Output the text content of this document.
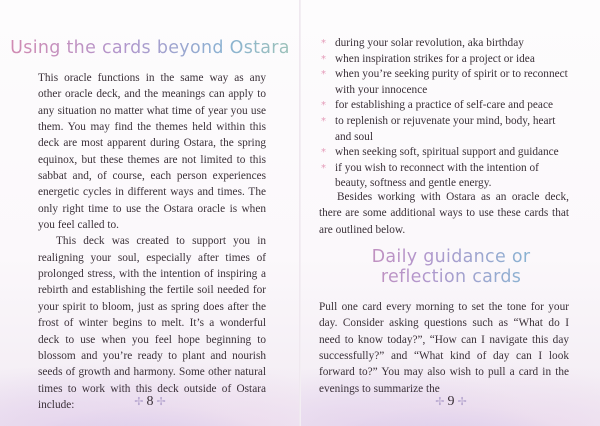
Using the cards beyond Ostara

This oracle functions in the same way as any other oracle deck, and the meanings can apply to any situation no matter what time of year you use them. You may find the themes held within this deck are most apparent during Ostara, the spring equinox, but these themes are not limited to this sabbat and, of course, each person experiences energetic cycles in different ways and times. The only right time to use the Ostara oracle is when you feel called to.

This deck was created to support you in realigning your soul, especially after times of prolonged stress, with the intention of inspiring a rebirth and establishing the fertile soil needed for your spirit to bloom, just as spring does after the frost of winter begins to melt. It’s a wonderful deck to use when you feel hope beginning to blossom and you’re ready to plant and nourish seeds of growth and harmony. Some other natural times to work with this deck outside of Ostara include:	✢ 8 ✢
* during your solar revolution, aka birthday
* when inspiration strikes for a project or idea
* when you’re seeking purity of spirit or to reconnect with your innocence
* for establishing a practice of self-care and peace
* to replenish or rejuvenate your mind, body, heart and soul
* when seeking soft, spiritual support and guidance
* if you wish to reconnect with the intention of beauty, softness and gentle energy.

Besides working with Ostara as an oracle deck, there are some additional ways to use these cards that are outlined below.

Daily guidance or
reflection cards

Pull one card every morning to set the tone for your day. Consider asking questions such as “What do I need to know today?”, “How can I navigate this day successfully?” and “What kind of day can I look forward to?” You may also wish to pull a card in the evenings to summarize the

✢ 9 ✢
